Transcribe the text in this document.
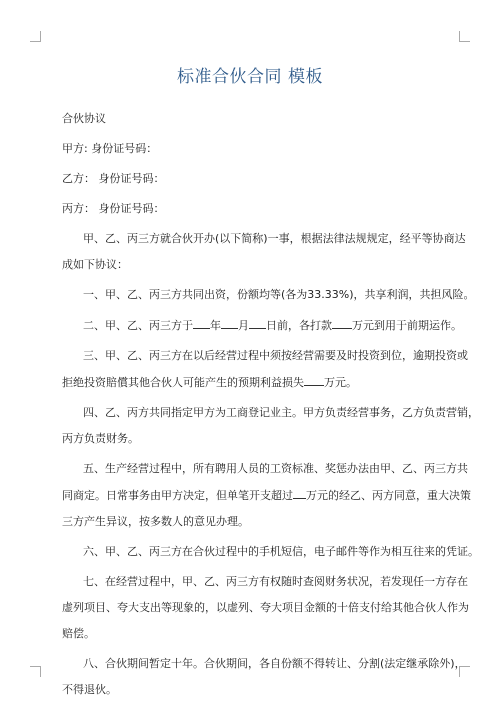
标准合伙合同 模板
合伙协议
甲方: 身份证号码：
乙方： 身份证号码：
丙方： 身份证号码：
甲、乙、丙三方就合伙开办(以下简称)一事，根据法律法规规定，经平等协商达
成如下协议：
一、甲、乙、丙三方共同出资，份额均等(各为33.33%)，共享利润，共担风险。
二、甲、乙、丙三方于 年 月 日前，各打款 万元到用于前期运作。
三、甲、乙、丙三方在以后经营过程中须按经营需要及时投资到位，逾期投资或
拒绝投资賠償其他合伙人可能产生的预期利益损失 万元。
四、乙、丙方共同指定甲方为工商登记业主。甲方负责经营事务，乙方负责营销，
丙方负责财务。
五、生产经营过程中，所有聘用人员的工资标准、奖惩办法由甲、乙、丙三方共
同商定。日常事务由甲方决定，但单笔开支超过 万元的经乙、丙方同意，重大决策
三方产生异议，按多数人的意见办理。
六、甲、乙、丙三方在合伙过程中的手机短信，电子邮件等作为相互往来的凭证。
七、在经营过程中，甲、乙、丙三方有权随时查阅财务状况，若发现任一方存在
虚列项目、夸大支出等现象的，以虚列、夸大项目金额的十倍支付给其他合伙人作为
赔偿。
八、合伙期间暂定十年。合伙期间，各自份额不得转让、分割(法定继承除外)，
不得退伙。
